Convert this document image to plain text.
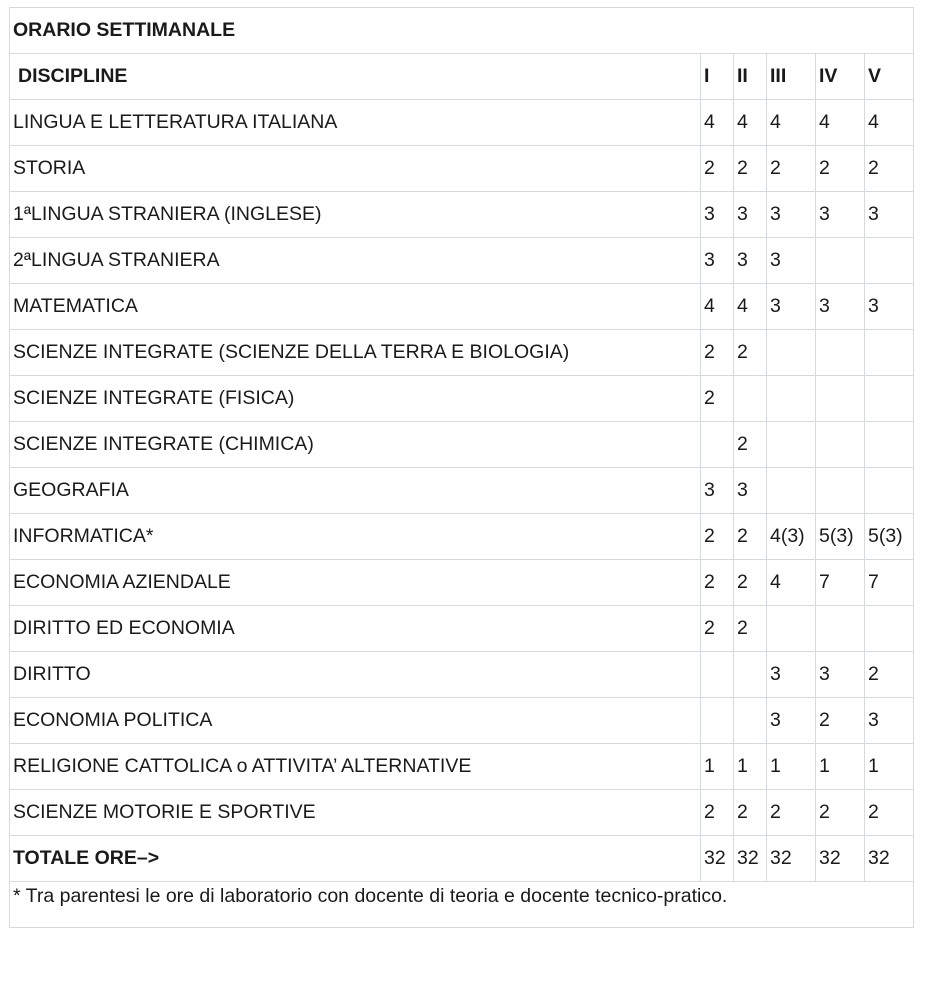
ORARIO SETTIMANALE					
DISCIPLINE	I	II	III	IV	V
LINGUA E LETTERATURA ITALIANA	4	4	4	4	4
STORIA	2	2	2	2	2
1ªLINGUA STRANIERA (INGLESE)	3	3	3	3	3
2ªLINGUA STRANIERA	3	3	3		
MATEMATICA	4	4	3	3	3
SCIENZE INTEGRATE (SCIENZE DELLA TERRA E BIOLOGIA)	2	2			
SCIENZE INTEGRATE (FISICA)	2				
SCIENZE INTEGRATE (CHIMICA)		2			
GEOGRAFIA	3	3			
INFORMATICA*	2	2	4(3)	5(3)	5(3)
ECONOMIA AZIENDALE	2	2	4	7	7
DIRITTO ED ECONOMIA	2	2			
DIRITTO			3	3	2
ECONOMIA POLITICA			3	2	3
RELIGIONE CATTOLICA o ATTIVITA’ ALTERNATIVE	1	1	1	1	1
SCIENZE MOTORIE E SPORTIVE	2	2	2	2	2
TOTALE ORE–>	32	32	32	32	32
* Tra parentesi le ore di laboratorio con docente di teoria e docente tecnico-pratico.					
